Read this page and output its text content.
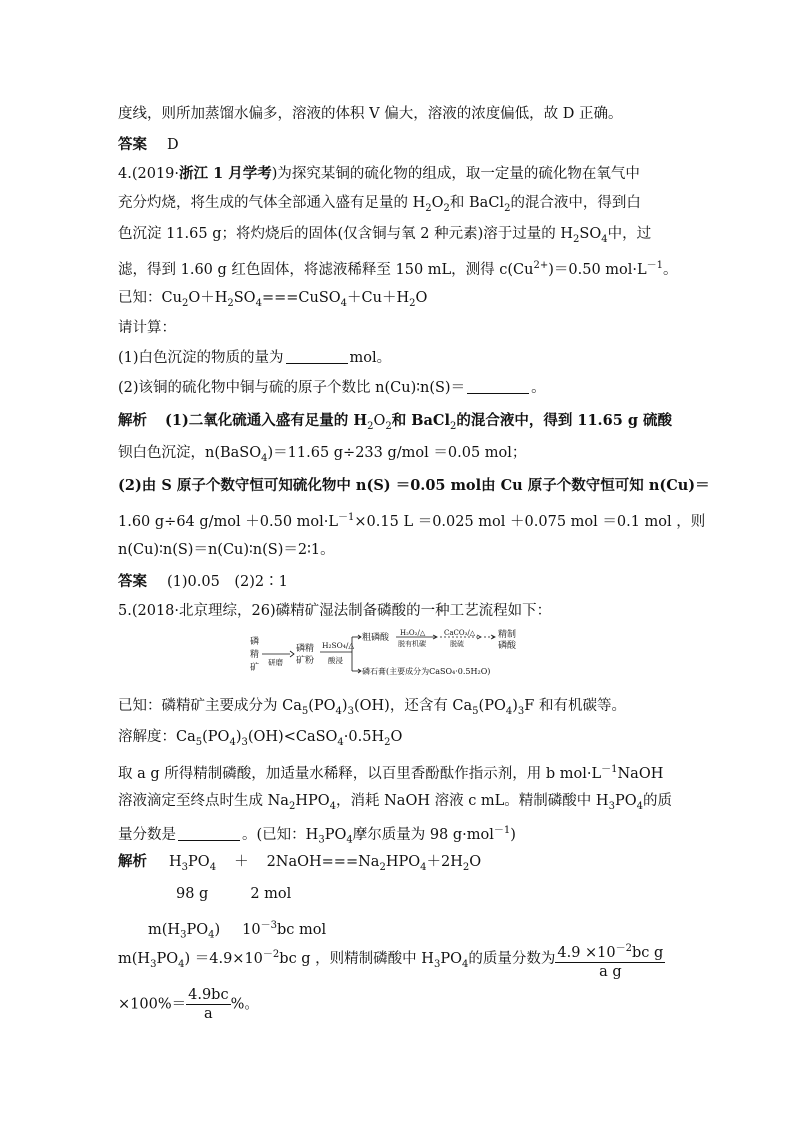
度线，则所加蒸馏水偏多，溶液的体积 V 偏大，溶液的浓度偏低，故 D 正确。
答案 D
4.(2019·浙江 1 月学考)为探究某铜的硫化物的组成，取一定量的硫化物在氧气中
充分灼烧，将生成的气体全部通入盛有足量的 $H_2O_2$和 BaCl$_2$的混合液中，得到白
色沉淀 11.65 g；将灼烧后的固体(仅含铜与氧 2 种元素)溶于过量的 $H_2SO_4$中，过
滤，得到 1.60 g 红色固体，将滤液稀释至 150 mL，测得 $c(Cu^{2+})=0.50$ $mol\cdot L^{-1}$。
已知：$Cu_2O+H_2SO_4===CuSO_4+Cu+H_2O$
请计算：
(1)白色沉淀的物质的量为	mol。
(2)该铜的硫化物中铜与硫的原子个数比 n(Cu)∶n(S)＝	。
解析 (1)二氧化硫通入盛有足量的 $H_2O_2$和 BaCl$_2$的混合液中，得到 11.65 g 硫酸
钡白色沉淀，n(BaSO$_4$)＝11.65 g÷233 g/mol ＝0.05 mol；
(2)由 S 原子个数守恒可知硫化物中 n(S) ＝0.05 mol由 Cu 原子个数守恒可知 n(Cu)＝
1.60 g÷64 g/mol ＋0.50 $mol\cdot L^{-1}\times 0.15$ L ＝0.025 mol ＋0.075 mol ＝0.1 mol ，则
n(Cu)∶n(S)＝n(Cu)∶n(S)＝2∶1。
答案 (1)0.05　(2)2∶1
5.(2018·北京理综，26)磷精矿湿法制备磷酸的一种工艺流程如下：
磷
精
矿
研磨
磷精
矿粉
H₂SO₄/△
酸浸
粗磷酸 H₂O₂/△
脱有机碳
CaCO₃/△
脱硫
精制
磷酸
磷石膏(主要成分为CaSO₄·0.5H₂O)
已知：磷精矿主要成分为 $Ca_5(PO_4)_3(OH)$，还含有 $Ca_5(PO_4)_3F$ 和有机碳等。
溶解度：$Ca_5(PO_4)_3(OH)<CaSO_4\cdot 0.5H_2O$
取 a g 所得精制磷酸，加适量水稀释，以百里香酚酞作指示剂，用 b $mol\cdot L^{-1}NaOH$
溶液滴定至终点时生成 $Na_2HPO_4$，消耗 NaOH 溶液 c mL。精制磷酸中 $H_3PO_4$的质
量分数是	。(已知：$H_3PO_4$摩尔质量为 98 g·mol$^{-1}$)
解析 $H_3PO_4$ ＋ $2NaOH===Na_2HPO_4+2H_2O$
98 g	2 mol
$m(H_3PO_4)$ $10^{-3}bc$ mol
$m(H_3PO_4) =4.9\times 10^{-2}bc$ g ，则精制磷酸中 $H_3PO_4$的质量分数为 $\frac{4.9 \times 10^{-2}bc g}{\text{a g}}$
$\times 100\%= \frac{4.9bc}{a}$ %。
